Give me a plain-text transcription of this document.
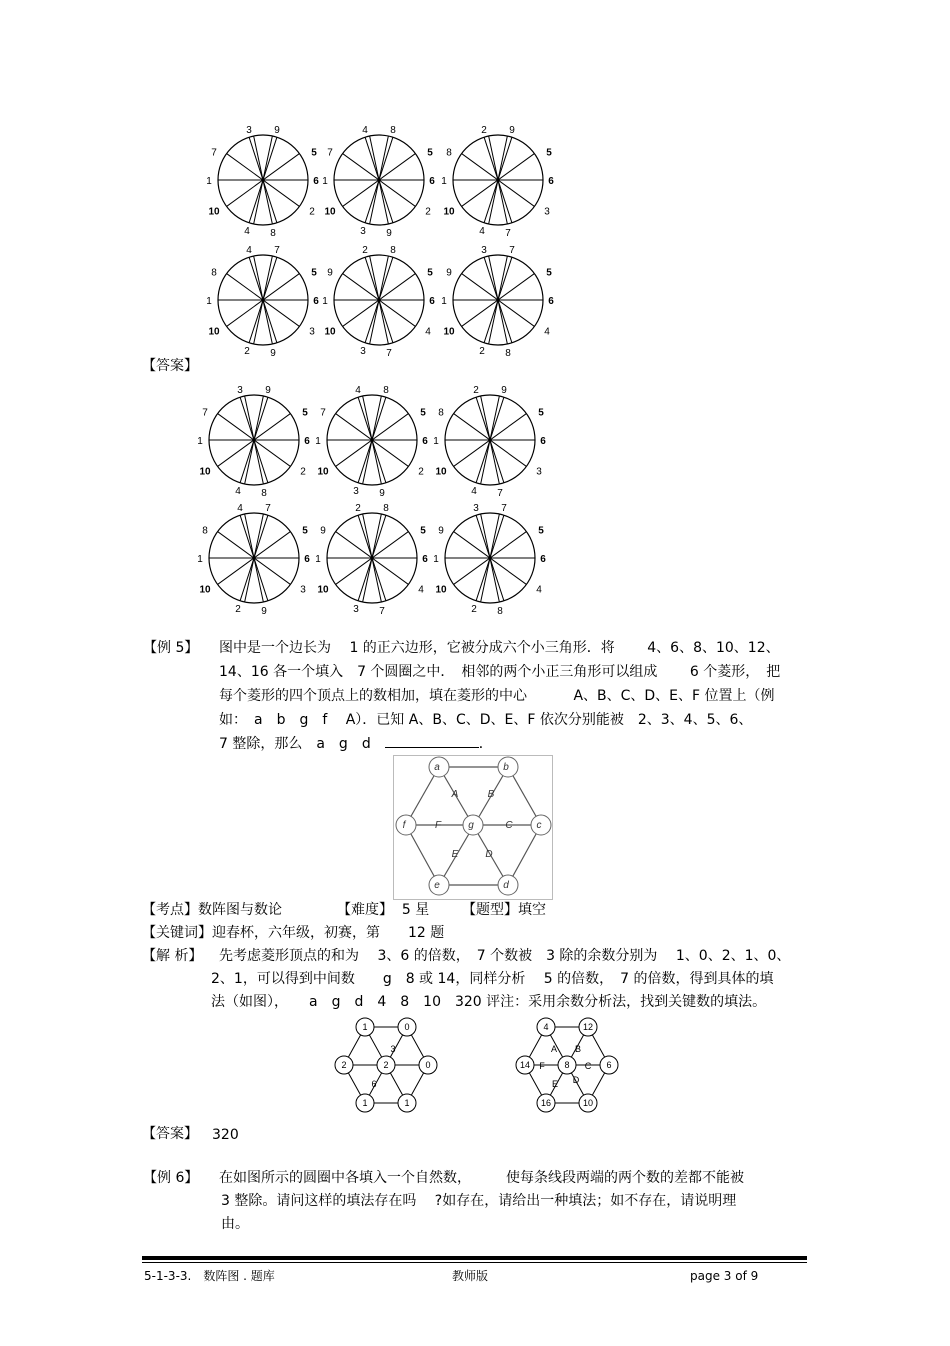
3 9
5
6
2
8
4
10
1
7
4 8
5
6
2
9
3
10
1
7
2 9
5
6
3
7
4
10
1
8
4 7
5
6
3
9
2
10
1
8
2 8
5
6
4
7
3
10
1
9
3 7
5
6
4
8
2
10
1
9
【答案】
3 9
5
6
2
8
4
10
1
7
4 8
5
6
2
9
3
10
1
7
2 9
5
6
3
7
4
10
1
8
4 7
5
6
3
9
2
10
1
8
2 8
5
6
4
7
3
10
1
9
3 7
5
6
4
8
2
10
1
9
【例 5】 图中是一个边长为　 1 的正六边形，它被分成六个小三角形．将　　 4、6、8、10、12、
14、16 各一个填入　7 个圆圈之中．　相邻的两个小正三角形可以组成　　 6 个菱形，　把
每个菱形的四个顶点上的数相加，填在菱形的中心　　　 A、B、C、D、E、F 位置上（例
如：　a　b　g　f　 A）．已知 A、B、C、D、E、F 依次分别能被　2、3、4、5、6、
7 整除，那么　a　g　d　	．
a	b
c
d
e
f	g
A	B
C
D
E
F
【考点】数阵图与数论	【难度】 5 星 【题型】填空
【关键词】迎春杯，六年级，初赛，第　　12 题
【解 析】 先考虑菱形顶点的和为　 3、6 的倍数，　7 个数被　3 除的余数分别为　 1、0、2、1、0、
2、1，可以得到中间数　　g　8 或 14，同样分析　 5 的倍数，　7 的倍数，得到具体的填
法（如图），　　a　g　d　4　8　10　320 评注：采用余数分析法，找到关键数的填法。
1	0
2	2	0
1	1
3
6
4	12
14	8	6
16	10
A B
F	C
E D
【答案】 320
【例 6】 在如图所示的圆圈中各填入一个自然数，　　　使每条线段两端的两个数的差都不能被
3 整除。请问这样的填法存在吗　 ?如存在，请给出一种填法；如不存在，请说明理
由。
5-1-3-3.　数阵图 . 题库	教师版	page 3 of 9
